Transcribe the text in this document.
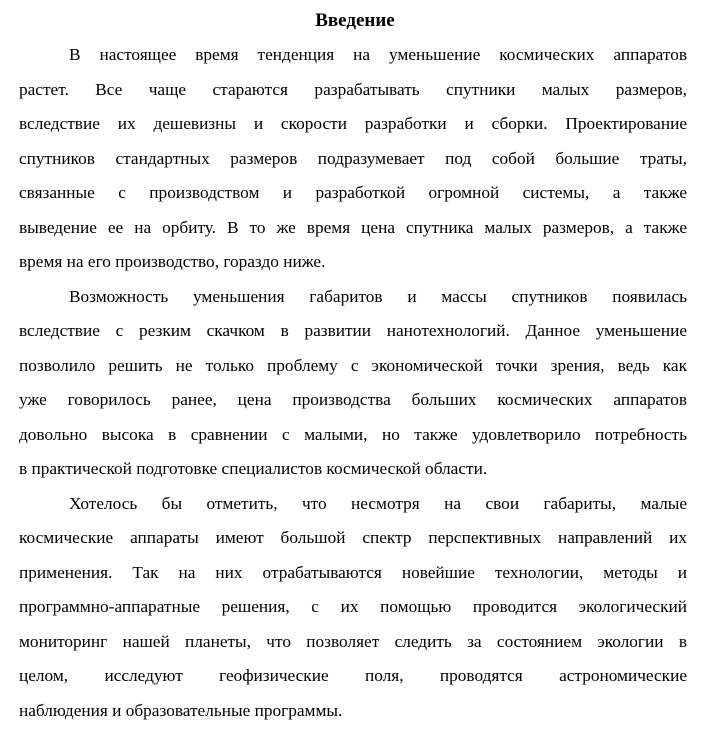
Введение
В настоящее время тенденция на уменьшение космических аппаратов
растет. Все чаще стараются разрабатывать спутники малых размеров,
вследствие их дешевизны и скорости разработки и сборки. Проектирование
спутников стандартных размеров подразумевает под собой большие траты,
связанные с производством и разработкой огромной системы, а также
выведение ее на орбиту. В то же время цена спутника малых размеров, а также
время на его производство, гораздо ниже.
Возможность уменьшения габаритов и массы спутников появилась
вследствие с резким скачком в развитии нанотехнологий. Данное уменьшение
позволило решить не только проблему с экономической точки зрения, ведь как
уже говорилось ранее, цена производства больших космических аппаратов
довольно высока в сравнении с малыми, но также удовлетворило потребность
в практической подготовке специалистов космической области.
Хотелось бы отметить, что несмотря на свои габариты, малые
космические аппараты имеют большой спектр перспективных направлений их
применения. Так на них отрабатываются новейшие технологии, методы и
программно-аппаратные решения, с их помощью проводится экологический
мониторинг нашей планеты, что позволяет следить за состоянием экологии в
целом, исследуют геофизические поля, проводятся астрономические
наблюдения и образовательные программы.
